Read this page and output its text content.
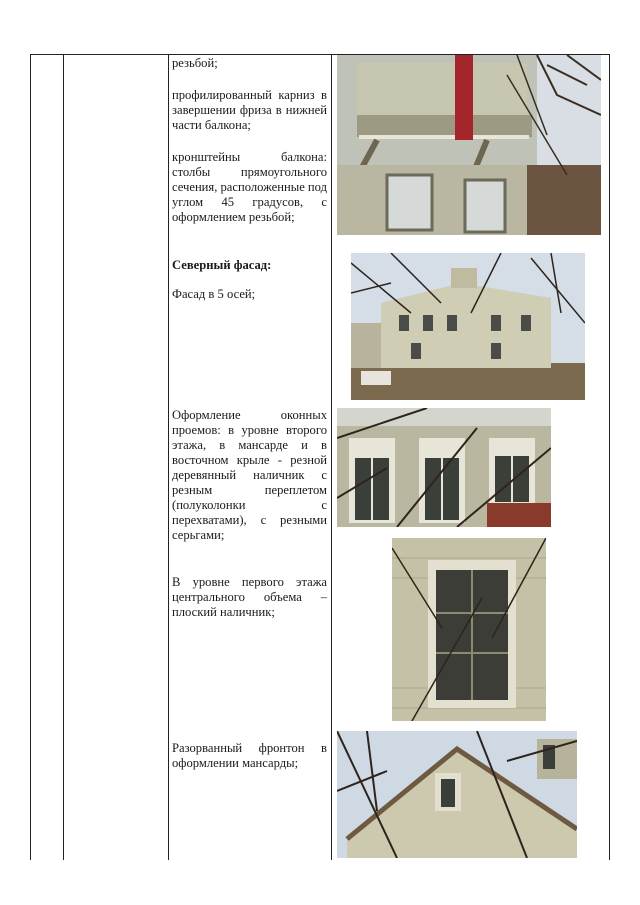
резьбой;
профилированный карниз в завершении фриза в нижней части балкона;
кронштейны балкона: столбы прямоугольного сечения, расположенные под углом 45 градусов, с оформлением резьбой;
Северный фасад:
Фасад в 5 осей;
Оформление оконных проемов: в уровне второго этажа, в мансарде и в восточном крыле - резной деревянный наличник с резным переплетом (полуколонки с перехватами), с резными серьгами;
В уровне первого этажа центрального объема – плоский наличник;
Разорванный фронтон в оформлении мансарды;
